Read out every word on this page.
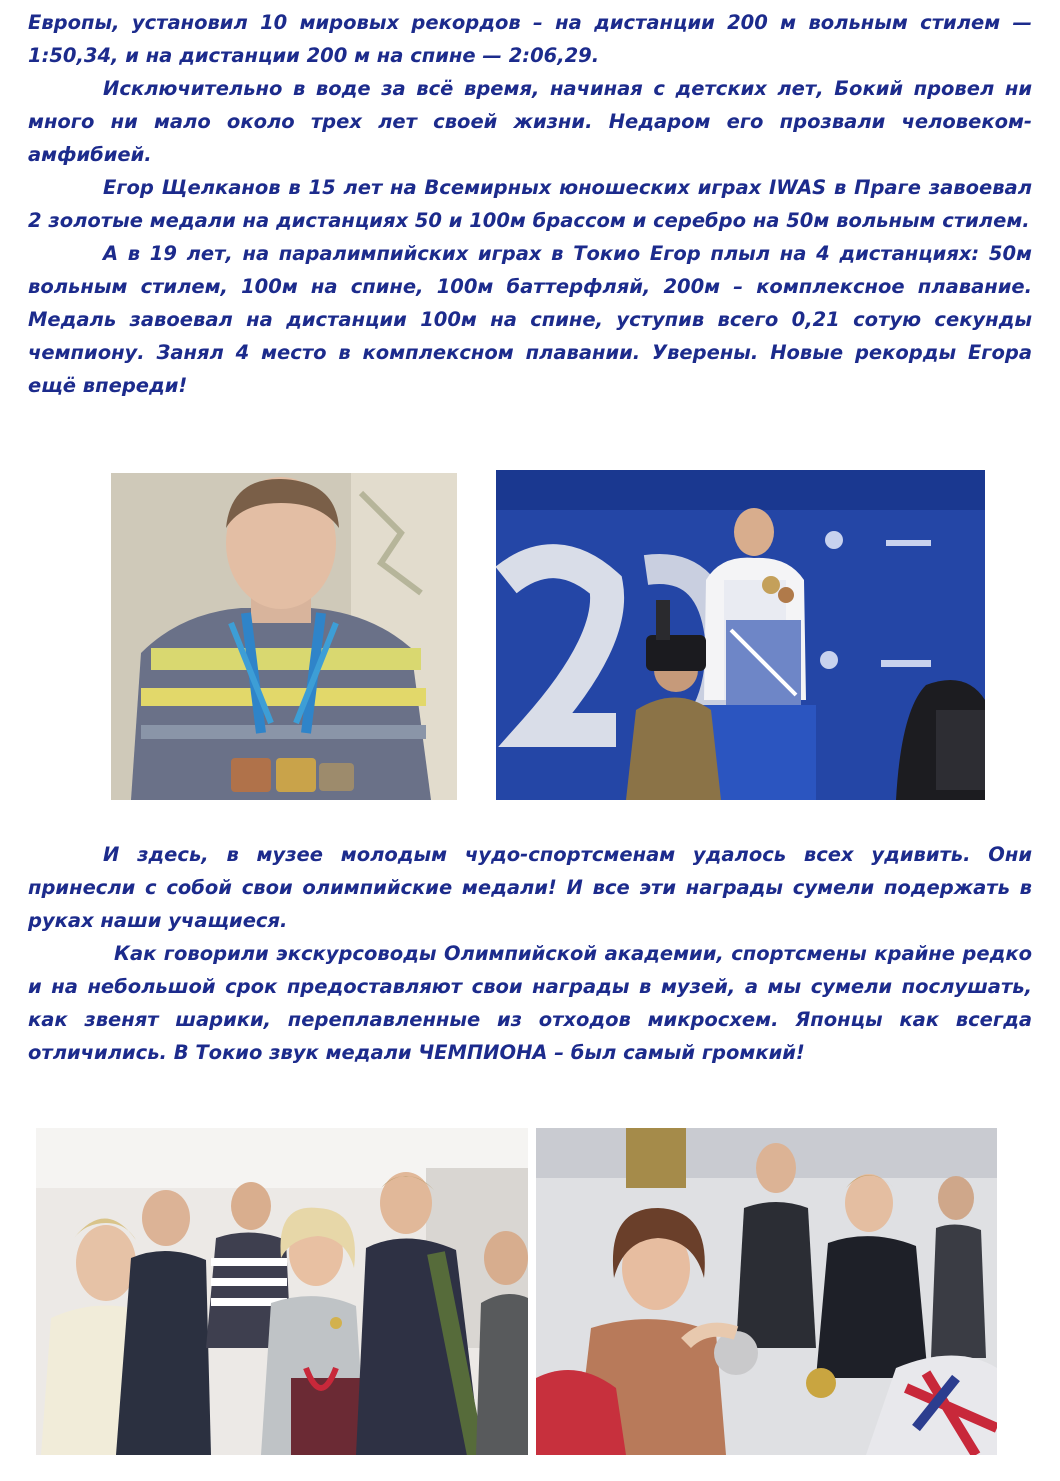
Европы, установил 10 мировых рекордов – на дистанции 200 м вольным стилем — 1:50,34, и на дистанции 200 м на спине — 2:06,29.

Исключительно в воде за всё время, начиная с детских лет, Бокий провел ни много ни мало около трех лет своей жизни. Недаром его прозвали человеком-амфибией.

Егор Щелканов в 15 лет на Всемирных юношеских играх IWAS в Праге завоевал 2 золотые медали на дистанциях 50 и 100м брассом и серебро на 50м вольным стилем.

А в 19 лет, на паралимпийских играх в Токио Егор плыл на 4 дистанциях: 50м вольным стилем, 100м на спине, 100м баттерфляй, 200м – комплексное плавание. Медаль завоевал на дистанции 100м на спине, уступив всего 0,21 сотую секунды чемпиону. Занял 4 место в комплексном плавании. Уверены. Новые рекорды Егора ещё впереди!

И здесь, в музее молодым чудо-спортсменам удалось всех удивить. Они принесли с собой свои олимпийские медали! И все эти награды сумели подержать в руках наши учащиеся.

Как говорили экскурсоводы Олимпийской академии, спортсмены крайне редко и на небольшой срок предоставляют свои награды в музей, а мы сумели послушать, как звенят шарики, переплавленные из отходов микросхем. Японцы как всегда отличились. В Токио звук медали ЧЕМПИОНА – был самый громкий!
